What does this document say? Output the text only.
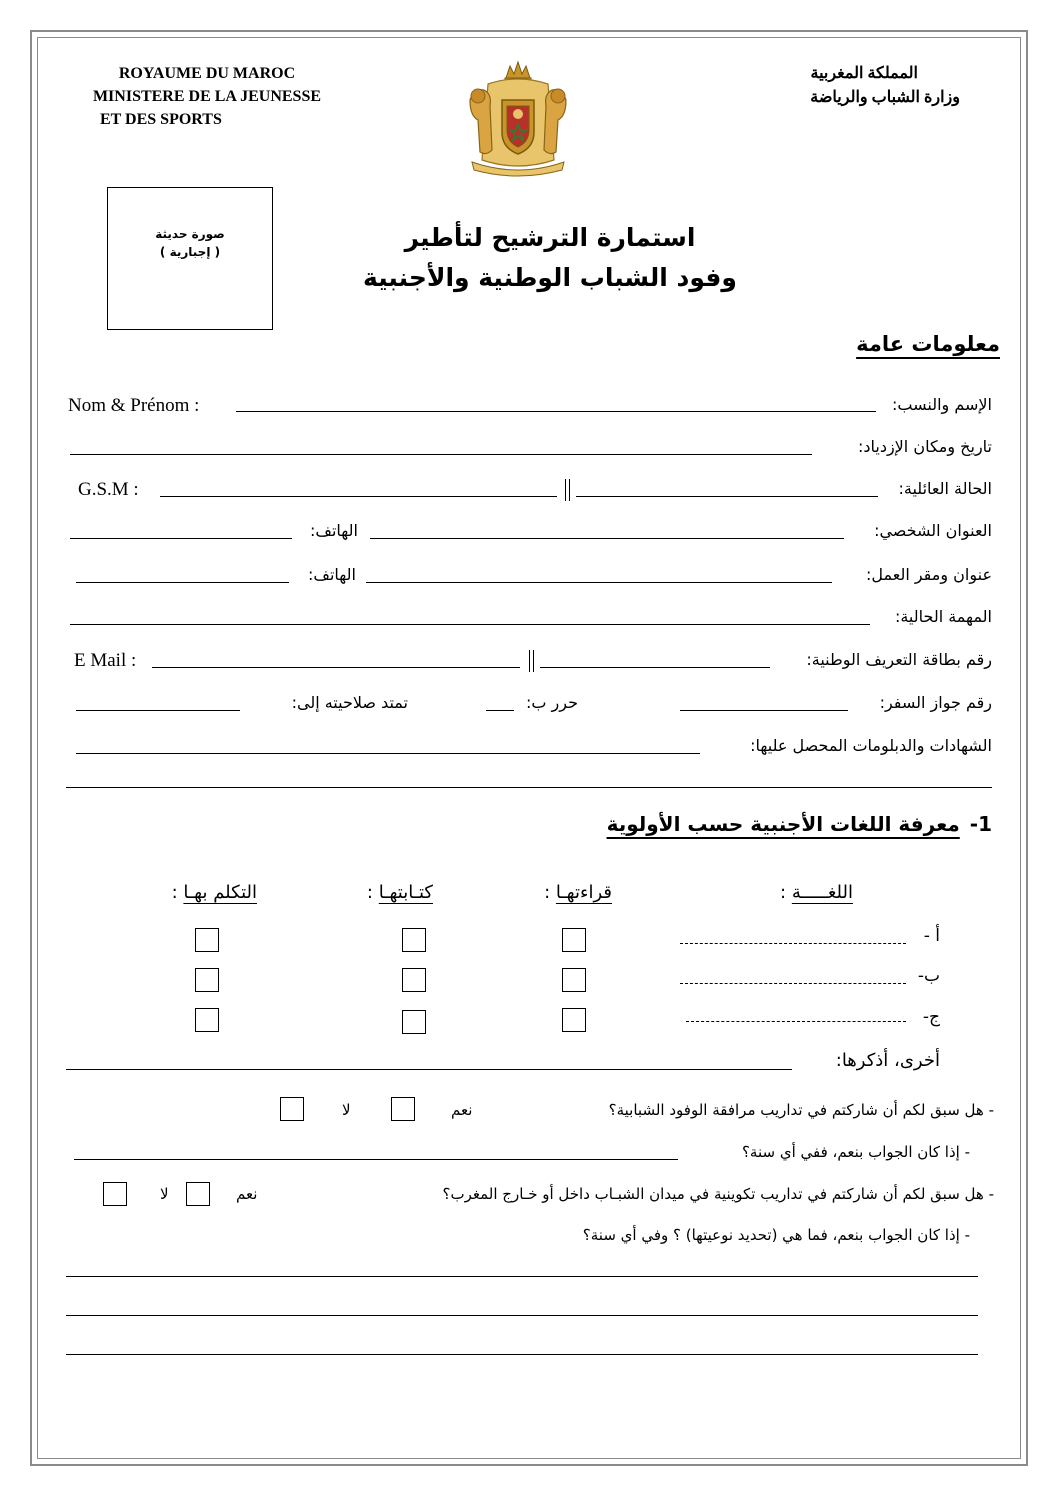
ROYAUME DU MAROC
MINISTERE DE LA JEUNESSE
ET DES SPORTS
المملكة المغربية
وزارة الشباب والرياضة
صورة حديثة
( إجبارية )	استمارة الترشيح لتأطير
وفود الشباب الوطنية والأجنبية
معلومات عامة
الإسم والنسب:
Nom & Prénom :
تاريخ ومكان الإزدياد:
الحالة العائلية:
G.S.M :
العنوان الشخصي:
الهاتف:
عنوان ومقر العمل:
الهاتف:
المهمة الحالية:
رقم بطاقة التعريف الوطنية:
E Mail :
رقم جواز السفر:
تمتد صلاحيته إلى:	حرر ب:
الشهادات والدبلومات المحصل عليها:
1-معرفة اللغات الأجنبية حسب الأولوية
اللغـــــة :
قراءتهـا :
كتـابتهـا :
التكلم بهـا :
أ -
ب-
ج-
أخرى، أذكرها:
- هل سبق لكم أن شاركتم في تداريب مرافقة الوفود الشبابية؟
نعم
لا
- إذا كان الجواب بنعم، ففي أي سنة؟
- هل سبق لكم أن شاركتم في تداريب تكوينية في ميدان الشبـاب داخل أو خـارج المغرب؟
نعم
لا
- إذا كان الجواب بنعم، فما هي (تحديد نوعيتها) ؟ وفي أي سنة؟
